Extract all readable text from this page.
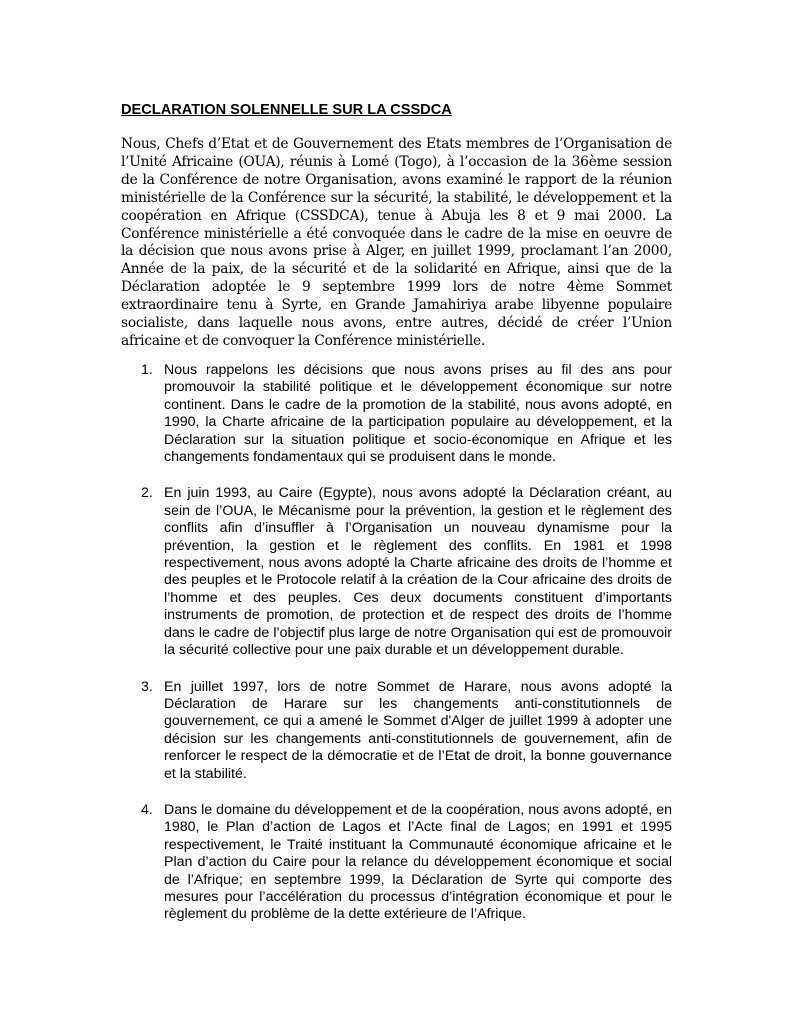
DECLARATION SOLENNELLE SUR LA CSSDCA

Nous, Chefs d’Etat et de Gouvernement des Etats membres de l’Organisation de l’Unité Africaine (OUA), réunis à Lomé (Togo), à l’occasion de la 36ème session de la Conférence de notre Organisation, avons examiné le rapport de la réunion ministérielle de la Conférence sur la sécurité, la stabilité, le développement et la coopération en Afrique (CSSDCA), tenue à Abuja les 8 et 9 mai 2000. La Conférence ministérielle a été convoquée dans le cadre de la mise en oeuvre de la décision que nous avons prise à Alger, en juillet 1999, proclamant l’an 2000, Année de la paix, de la sécurité et de la solidarité en Afrique, ainsi que de la Déclaration adoptée le 9 septembre 1999 lors de notre 4ème Sommet extraordinaire tenu à Syrte, en Grande Jamahiriya arabe libyenne populaire socialiste, dans laquelle nous avons, entre autres, décidé de créer l’Union africaine et de convoquer la Conférence ministérielle.

1. Nous rappelons les décisions que nous avons prises au fil des ans pour promouvoir la stabilité politique et le développement économique sur notre continent. Dans le cadre de la promotion de la stabilité, nous avons adopté, en 1990, la Charte africaine de la participation populaire au développement, et la Déclaration sur la situation politique et socio-économique en Afrique et les changements fondamentaux qui se produisent dans le monde.
2. En juin 1993, au Caire (Egypte), nous avons adopté la Déclaration créant, au sein de l’OUA, le Mécanisme pour la prévention, la gestion et le règlement des conflits afin d’insuffler à l’Organisation un nouveau dynamisme pour la prévention, la gestion et le règlement des conflits. En 1981 et 1998 respectivement, nous avons adopté la Charte africaine des droits de l’homme et des peuples et le Protocole relatif à la création de la Cour africaine des droits de l’homme et des peuples. Ces deux documents constituent d’importants instruments de promotion, de protection et de respect des droits de l’homme dans le cadre de l’objectif plus large de notre Organisation qui est de promouvoir la sécurité collective pour une paix durable et un développement durable.
3. En juillet 1997, lors de notre Sommet de Harare, nous avons adopté la Déclaration de Harare sur les changements anti-constitutionnels de gouvernement, ce qui a amené le Sommet d'Alger de juillet 1999 à adopter une décision sur les changements anti-constitutionnels de gouvernement, afin de renforcer le respect de la démocratie et de l’Etat de droit, la bonne gouvernance et la stabilité.
4. Dans le domaine du développement et de la coopération, nous avons adopté, en 1980, le Plan d’action de Lagos et l’Acte final de Lagos; en 1991 et 1995 respectivement, le Traité instituant la Communauté économique africaine et le Plan d’action du Caire pour la relance du développement économique et social de l’Afrique; en septembre 1999, la Déclaration de Syrte qui comporte des mesures pour l’accélération du processus d’intégration économique et pour le règlement du problème de la dette extérieure de l’Afrique.
